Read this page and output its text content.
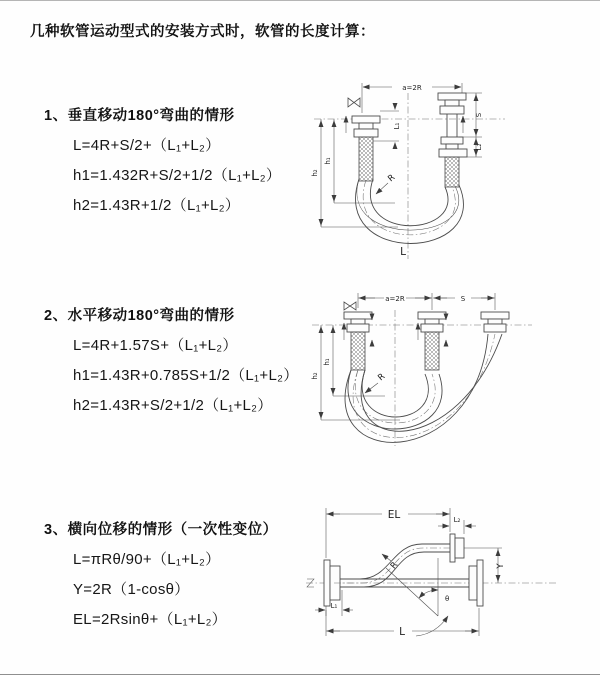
几种软管运动型式的安装方式时，软管的长度计算：
1、垂直移动180°弯曲的情形
L=4R+S/2+（L₁+L₂）
h1=1.432R+S/2+1/2（L₁+L₂）
h2=1.43R+1/2（L₁+L₂）
a=2R
h₁
h₂
L₁
S
L₂
R
L
2、水平移动180°弯曲的情形
L=4R+1.57S+（L₁+L₂）
h1=1.43R+0.785S+1/2（L₁+L₂）
h2=1.43R+S/2+1/2（L₁+L₂）
a=2R	S
h₁
h₂	R
3、横向位移的情形（一次性变位）
L=πRθ/90+（L₁+L₂）
Y=2R（1-cosθ）
EL=2Rsinθ+（L₁+L₂）
EL	L₂
Y
θ
R
L
L₁
